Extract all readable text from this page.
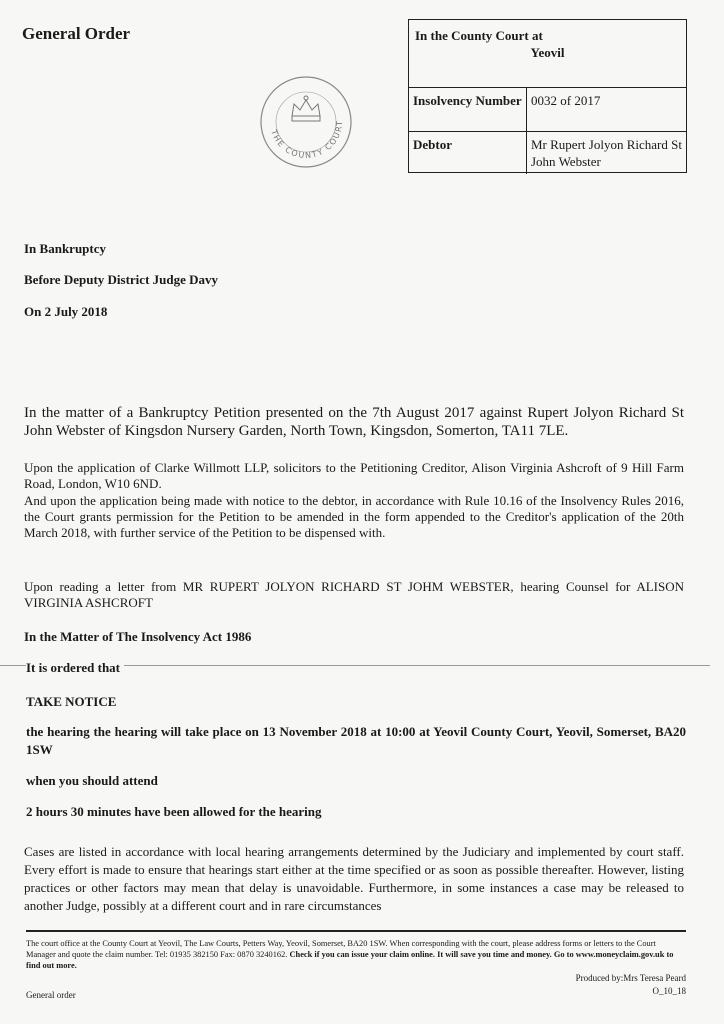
General Order	In the County Court at
Yeovil
Insolvency Number 0032 of 2017
Debtor	Mr Rupert Jolyon Richard St John Webster
THE COUNTY COURT
In Bankruptcy
Before Deputy District Judge Davy
On 2 July 2018
In the matter of a Bankruptcy Petition presented on the 7th August 2017 against Rupert Jolyon Richard St John Webster of Kingsdon Nursery Garden, North Town, Kingsdon, Somerton, TA11 7LE.
Upon the application of Clarke Willmott LLP, solicitors to the Petitioning Creditor, Alison Virginia Ashcroft of 9 Hill Farm Road, London, W10 6ND.
And upon the application being made with notice to the debtor, in accordance with Rule 10.16 of the Insolvency Rules 2016, the Court grants permission for the Petition to be amended in the form appended to the Creditor's application of the 20th March 2018, with further service of the Petition to be dispensed with.
Upon reading a letter from MR RUPERT JOLYON RICHARD ST JOHM WEBSTER, hearing Counsel for ALISON VIRGINIA ASHCROFT
In the Matter of The Insolvency Act 1986
It is ordered that
TAKE NOTICE
the hearing the hearing will take place on 13 November 2018 at 10:00 at Yeovil County Court, Yeovil, Somerset, BA20 1SW
when you should attend
2 hours 30 minutes have been allowed for the hearing
Cases are listed in accordance with local hearing arrangements determined by the Judiciary and implemented by court staff. Every effort is made to ensure that hearings start either at the time specified or as soon as possible thereafter. However, listing practices or other factors may mean that delay is unavoidable. Furthermore, in some instances a case may be released to another Judge, possibly at a different court and in rare circumstances
The court office at the County Court at Yeovil, The Law Courts, Petters Way, Yeovil, Somerset, BA20 1SW. When corresponding with the court, please address forms or letters to the Court Manager and quote the claim number. Tel: 01935 382150 Fax: 0870 3240162. Check if you can issue your claim online. It will save you time and money. Go to www.moneyclaim.gov.uk to find out more.
Produced by:Mrs Teresa Peard
O_10_18
General order
